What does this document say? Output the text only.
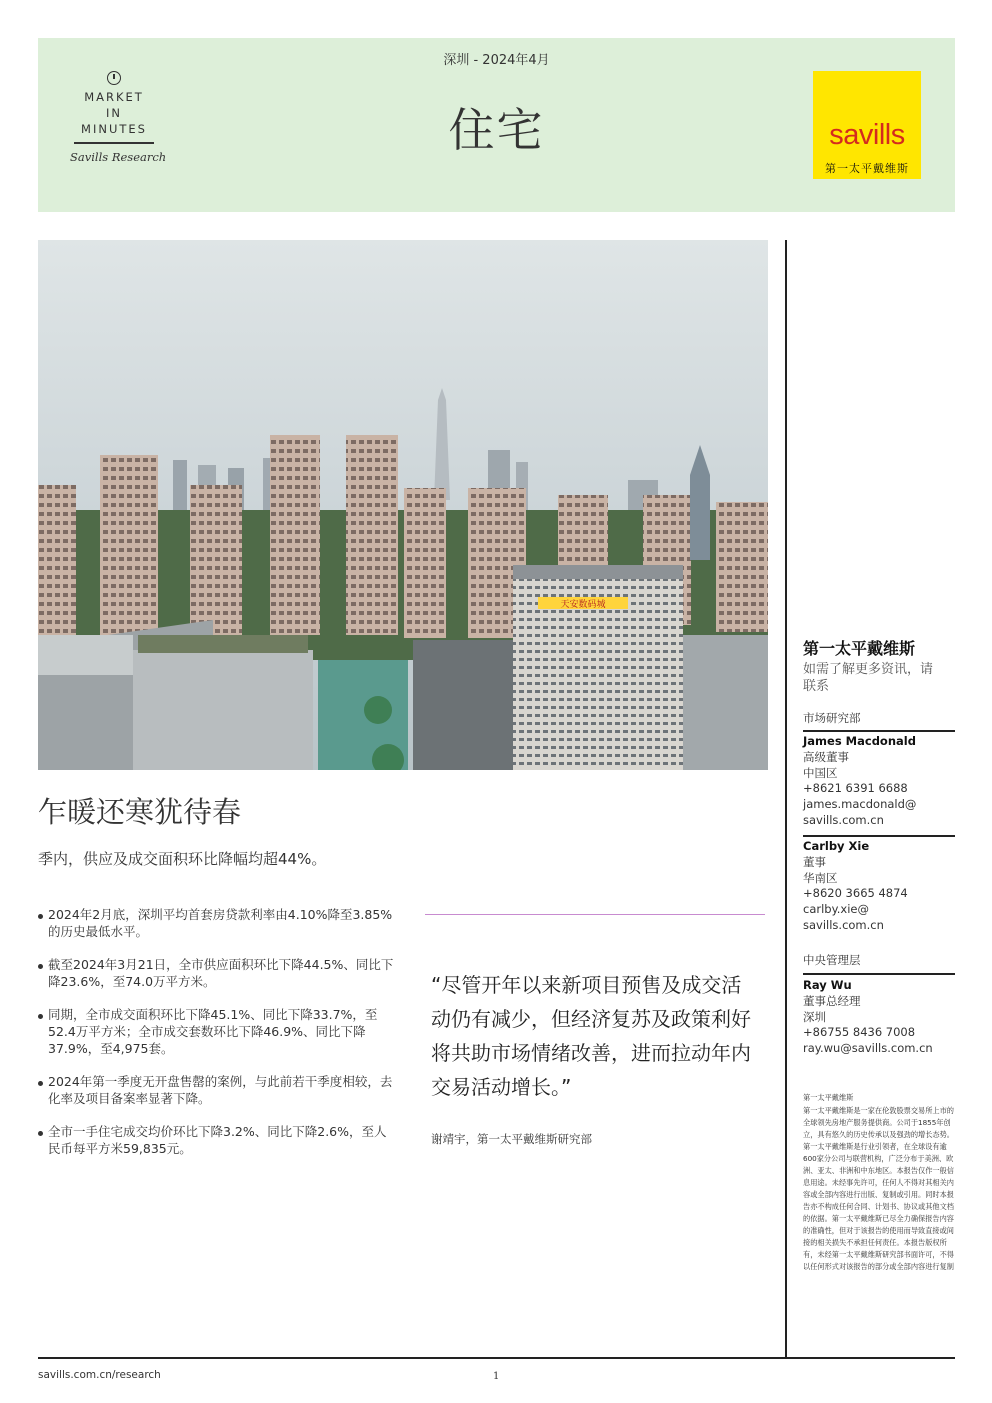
MARKET
IN
MINUTES
Savills Research
深圳 - 2024年4月
住宅	savills
第一太平戴维斯
天安数码城
乍暖还寒犹待春
季内，供应及成交面积环比降幅均超44%。
2024年2月底，深圳平均首套房贷款利率由4.10%降至3.85%的历史最低水平。
截至2024年3月21日，全市供应面积环比下降44.5%、同比下降23.6%，至74.0万平方米。
同期，全市成交面积环比下降45.1%、同比下降33.7%，至52.4万平方米；全市成交套数环比下降46.9%、同比下降37.9%，至4,975套。
2024年第一季度无开盘售罄的案例，与此前若干季度相较，去化率及项目备案率显著下降。
全市一手住宅成交均价环比下降3.2%、同比下降2.6%，至人民币每平方米59,835元。
“尽管开年以来新项目预售及成交活动仍有减少，但经济复苏及政策利好将共助市场情绪改善，进而拉动年内交易活动增长。”
谢靖宇，第一太平戴维斯研究部
第一太平戴维斯
如需了解更多资讯，请联系
市场研究部
James Macdonald
高级董事
中国区
+8621 6391 6688
james.macdonald@
savills.com.cn
Carlby Xie
董事
华南区
+8620 3665 4874
carlby.xie@
savills.com.cn
中央管理层
Ray Wu
董事总经理
深圳
+86755 8436 7008
ray.wu@savills.com.cn
第一太平戴维斯
第一太平戴维斯是一家在伦敦股票交易所上市的全球领先房地产服务提供商。公司于1855年创立，具有悠久的历史传承以及强劲的增长态势。第一太平戴维斯是行业引领者，在全球设有逾600家分公司与联营机构，广泛分布于美洲、欧洲、亚太、非洲和中东地区。本报告仅作一般信息用途。未经事先许可，任何人不得对其相关内容或全部内容进行出版、复制或引用。同时本报告亦不构成任何合同、计划书、协议或其他文档的依据。第一太平戴维斯已尽全力确保报告内容的准确性，但对于该报告的使用而导致直接或间接的相关损失不承担任何责任。本报告版权所有，未经第一太平戴维斯研究部书面许可，不得以任何形式对该报告的部分或全部内容进行复制
savills.com.cn/research	1
